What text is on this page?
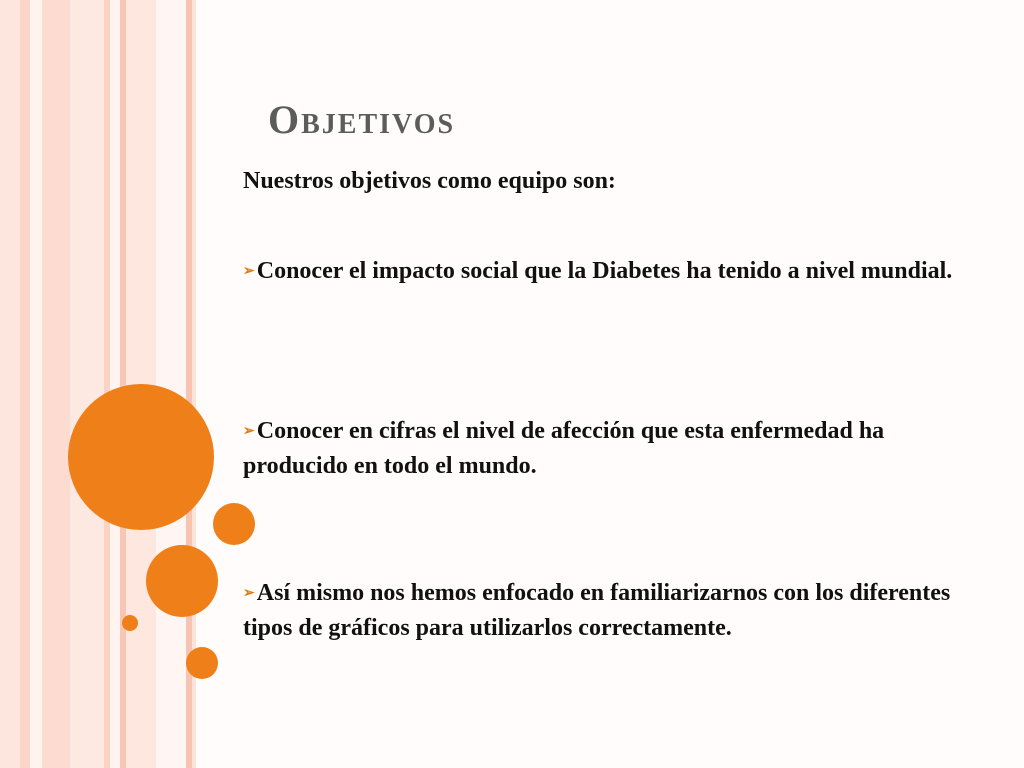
Objetivos
Nuestros objetivos como equipo son:
➢Conocer el impacto social que la Diabetes ha tenido a nivel mundial.
➢Conocer en cifras el nivel de afección que esta enfermedad ha producido en todo el mundo.
➢Así mismo nos hemos enfocado en familiarizarnos con los diferentes tipos de gráficos para utilizarlos correctamente.
